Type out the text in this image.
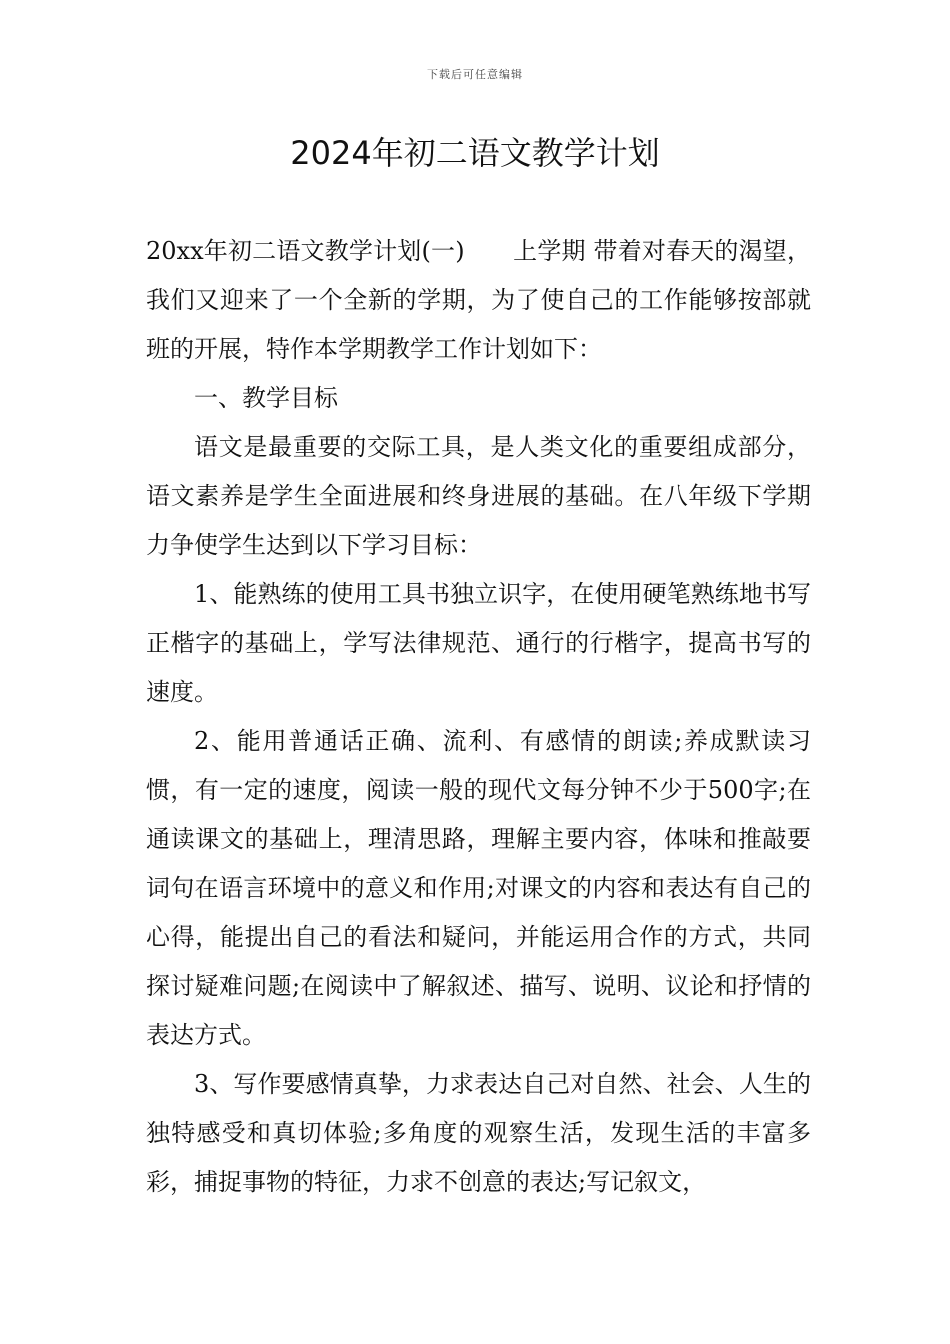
下载后可任意编辑
2024年初二语文教学计划

20xx年初二语文教学计划(一)　　上学期 带着对春天的渴望，我们又迎来了一个全新的学期，为了使自己的工作能够按部就班的开展，特作本学期教学工作计划如下：

一、教学目标

语文是最重要的交际工具，是人类文化的重要组成部分，语文素养是学生全面进展和终身进展的基础。在八年级下学期力争使学生达到以下学习目标：

1、能熟练的使用工具书独立识字，在使用硬笔熟练地书写正楷字的基础上，学写法律规范、通行的行楷字，提高书写的速度。

2、能用普通话正确、流利、有感情的朗读;养成默读习惯，有一定的速度，阅读一般的现代文每分钟不少于500字;在通读课文的基础上，理清思路，理解主要内容，体味和推敲要词句在语言环境中的意义和作用;对课文的内容和表达有自己的心得，能提出自己的看法和疑问，并能运用合作的方式，共同探讨疑难问题;在阅读中了解叙述、描写、说明、议论和抒情的表达方式。

3、写作要感情真挚，力求表达自己对自然、社会、人生的独特感受和真切体验;多角度的观察生活，发现生活的丰富多彩，捕捉事物的特征，力求不创意的表达;写记叙文，
